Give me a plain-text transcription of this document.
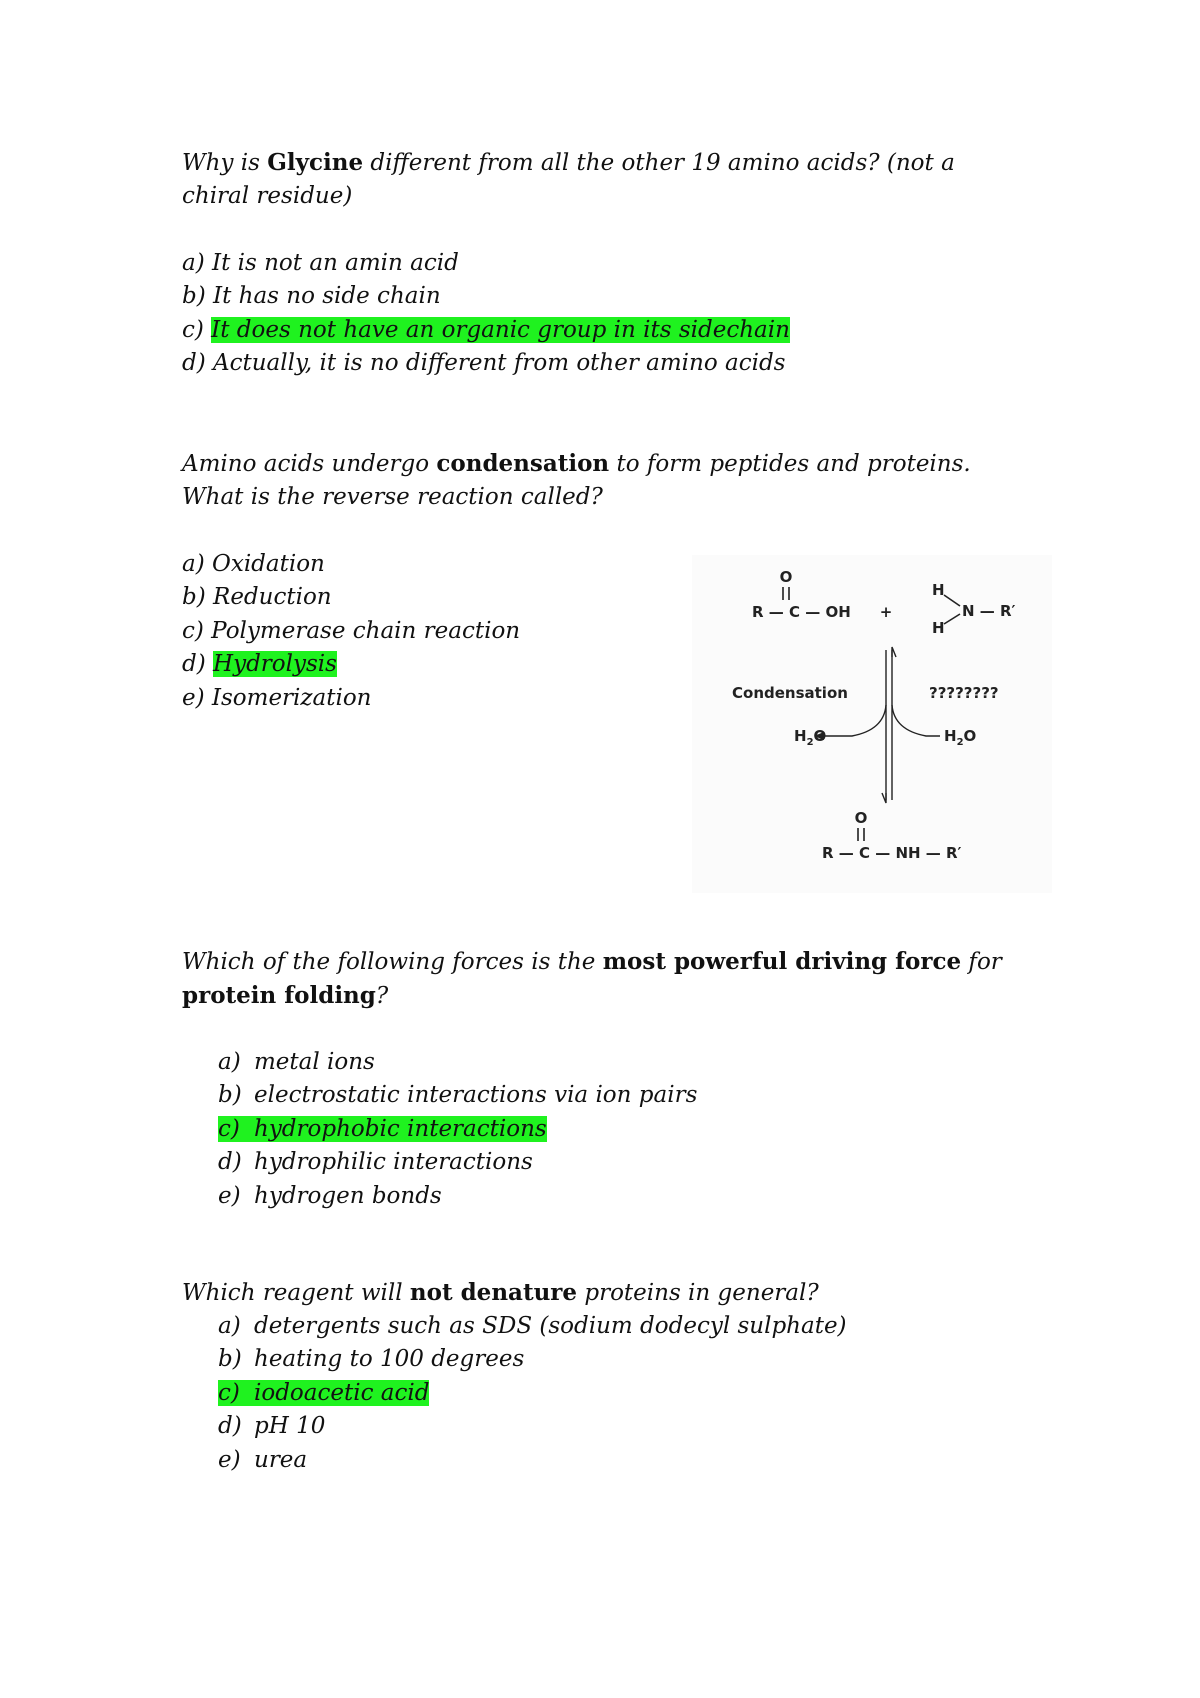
Why is Glycine different from all the other 19 amino acids? (not a
chiral residue)
a) It is not an amin acid
b) It has no side chain
c) It does not have an organic group in its sidechain
d) Actually, it is no different from other amino acids
Amino acids undergo condensation to form peptides and proteins.
What is the reverse reaction called?
a) Oxidation
b) Reduction
c) Polymerase chain reaction
d) Hydrolysis
e) Isomerization
O
R — C — OH +
H
H
N — R′
Condensation	????????
$H_2O$	$H_2O$
O
R — C — NH — R′
Which of the following forces is the most powerful driving force for
protein folding?
a) metal ions
b) electrostatic interactions via ion pairs
c) hydrophobic interactions
d) hydrophilic interactions
e) hydrogen bonds
Which reagent will not denature proteins in general?
a) detergents such as SDS (sodium dodecyl sulphate)
b) heating to 100 degrees
c) iodoacetic acid
d) pH 10
e) urea
